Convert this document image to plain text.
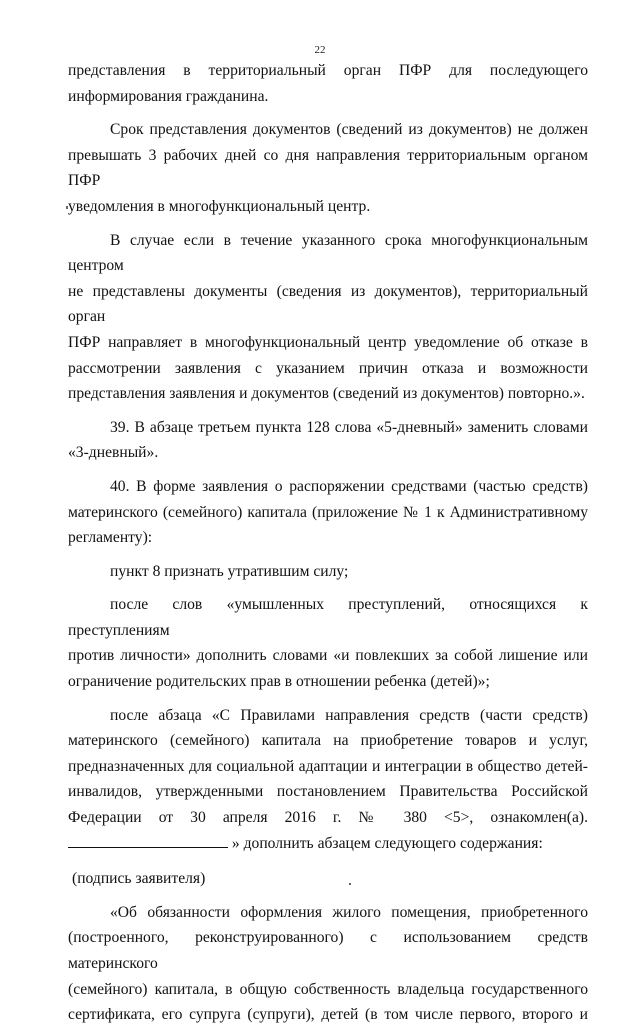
22
представления в территориальный орган ПФР для последующего
информирования гражданина.
Срок представления документов (сведений из документов) не должен
превышать 3 рабочих дней со дня направления территориальным органом ПФР
уведомления в многофункциональный центр.
В случае если в течение указанного срока многофункциональным центром
не представлены документы (сведения из документов), территориальный орган
ПФР направляет в многофункциональный центр уведомление об отказе в
рассмотрении заявления с указанием причин отказа и возможности
представления заявления и документов (сведений из документов) повторно.».
39. В абзаце третьем пункта 128 слова «5-дневный» заменить словами
«3-дневный».
40. В форме заявления о распоряжении средствами (частью средств)
материнского (семейного) капитала (приложение № 1 к Административному
регламенту):
пункт 8 признать утратившим силу;
после слов «умышленных преступлений, относящихся к преступлениям
против личности» дополнить словами «и повлекших за собой лишение или
ограничение родительских прав в отношении ребенка (детей)»;
после абзаца «С Правилами направления средств (части средств)
материнского (семейного) капитала на приобретение товаров и услуг,
предназначенных для социальной адаптации и интеграции в общество детей-
инвалидов, утвержденными постановлением Правительства Российской
Федерации от 30 апреля 2016 г. № 380 <5>, ознакомлен(а).
» дополнить абзацем следующего содержания:
(подпись заявителя)
«Об обязанности оформления жилого помещения, приобретенного
(построенного, реконструированного) с использованием средств материнского
(семейного) капитала, в общую собственность владельца государственного
сертификата, его супруга (супруги), детей (в том числе первого, второго и
